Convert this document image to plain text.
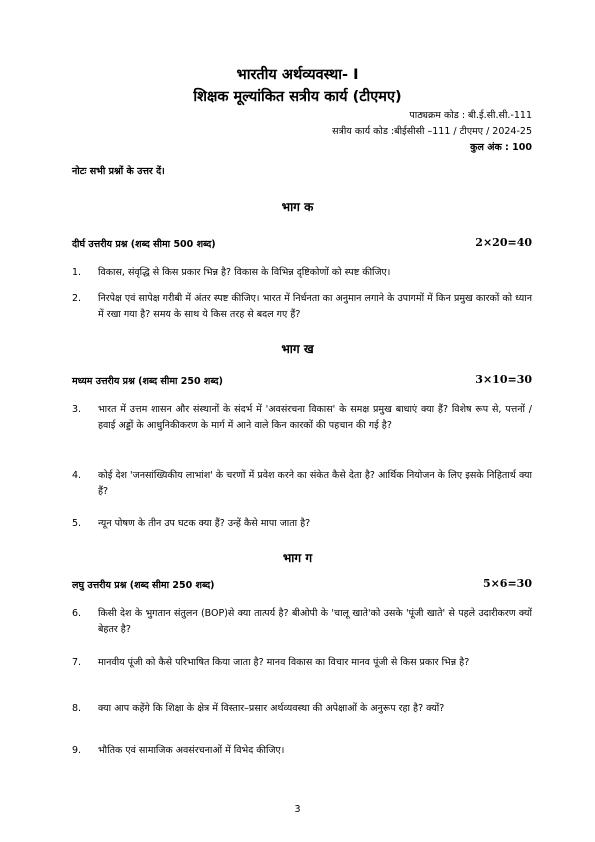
भारतीय अर्थव्यवस्था- I
शिक्षक मूल्यांकित सत्रीय कार्य (टीएमए)
पाठ्यक्रम कोड : बी.ई.सी.सी.-111
सत्रीय कार्य कोड :बीईसीसी –111 / टीएमए / 2024-25
कुल अंक : 100
नोटः सभी प्रश्नों के उत्तर दें।
भाग क
दीर्घ उत्तरीय प्रश्न (शब्द सीमा 500 शब्द)	2×20=40
1. विकास, संवृद्धि से किस प्रकार भिन्न है? विकास के विभिन्न दृष्टिकोणों को स्पष्ट कीजिए।
2. निरपेक्ष एवं सापेक्ष गरीबी में अंतर स्पष्ट कीजिए। भारत में निर्धनता का अनुमान लगाने के उपागमों में किन प्रमुख कारकों को ध्यान में रखा गया है? समय के साथ ये किस तरह से बदल गए हैं?
भाग ख
मध्यम उत्तरीय प्रश्न (शब्द सीमा 250 शब्द)	3×10=30
3. भारत में उत्तम शासन और संस्थानों के संदर्भ में 'अवसंरचना विकास' के समक्ष प्रमुख बाधाएं क्या हैं? विशेष रूप से, पत्तनों /हवाई अड्डों के आधुनिकीकरण के मार्ग में आने वाले किन कारकों की पहचान की गई है?
4. कोई देश 'जनसांख्यिकीय लाभांश' के चरणों में प्रवेश करने का संकेत कैसे देता है? आर्थिक नियोजन के लिए इसके निहितार्थ क्या हैं?
5. न्यून पोषण के तीन उप घटक क्या हैं? उन्हें कैसे मापा जाता है?
भाग ग
लघु उत्तरीय प्रश्न (शब्द सीमा 250 शब्द)	5×6=30
6. किसी देश के भुगतान संतुलन (BOP)से क्या तात्पर्य है? बीओपी के 'चालू खाते'को उसके 'पूंजी खाते' से पहले उदारीकरण क्यों बेहतर है?
7. मानवीय पूंजी को कैसे परिभाषित किया जाता है? मानव विकास का विचार मानव पूंजी से किस प्रकार भिन्न है?
8. क्या आप कहेंगे कि शिक्षा के क्षेत्र में विस्तार–प्रसार अर्थव्यवस्था की अपेक्षाओं के अनुरूप रहा है? क्यों?
9. भौतिक एवं सामाजिक अवसंरचनाओं में विभेद कीजिए।
3
